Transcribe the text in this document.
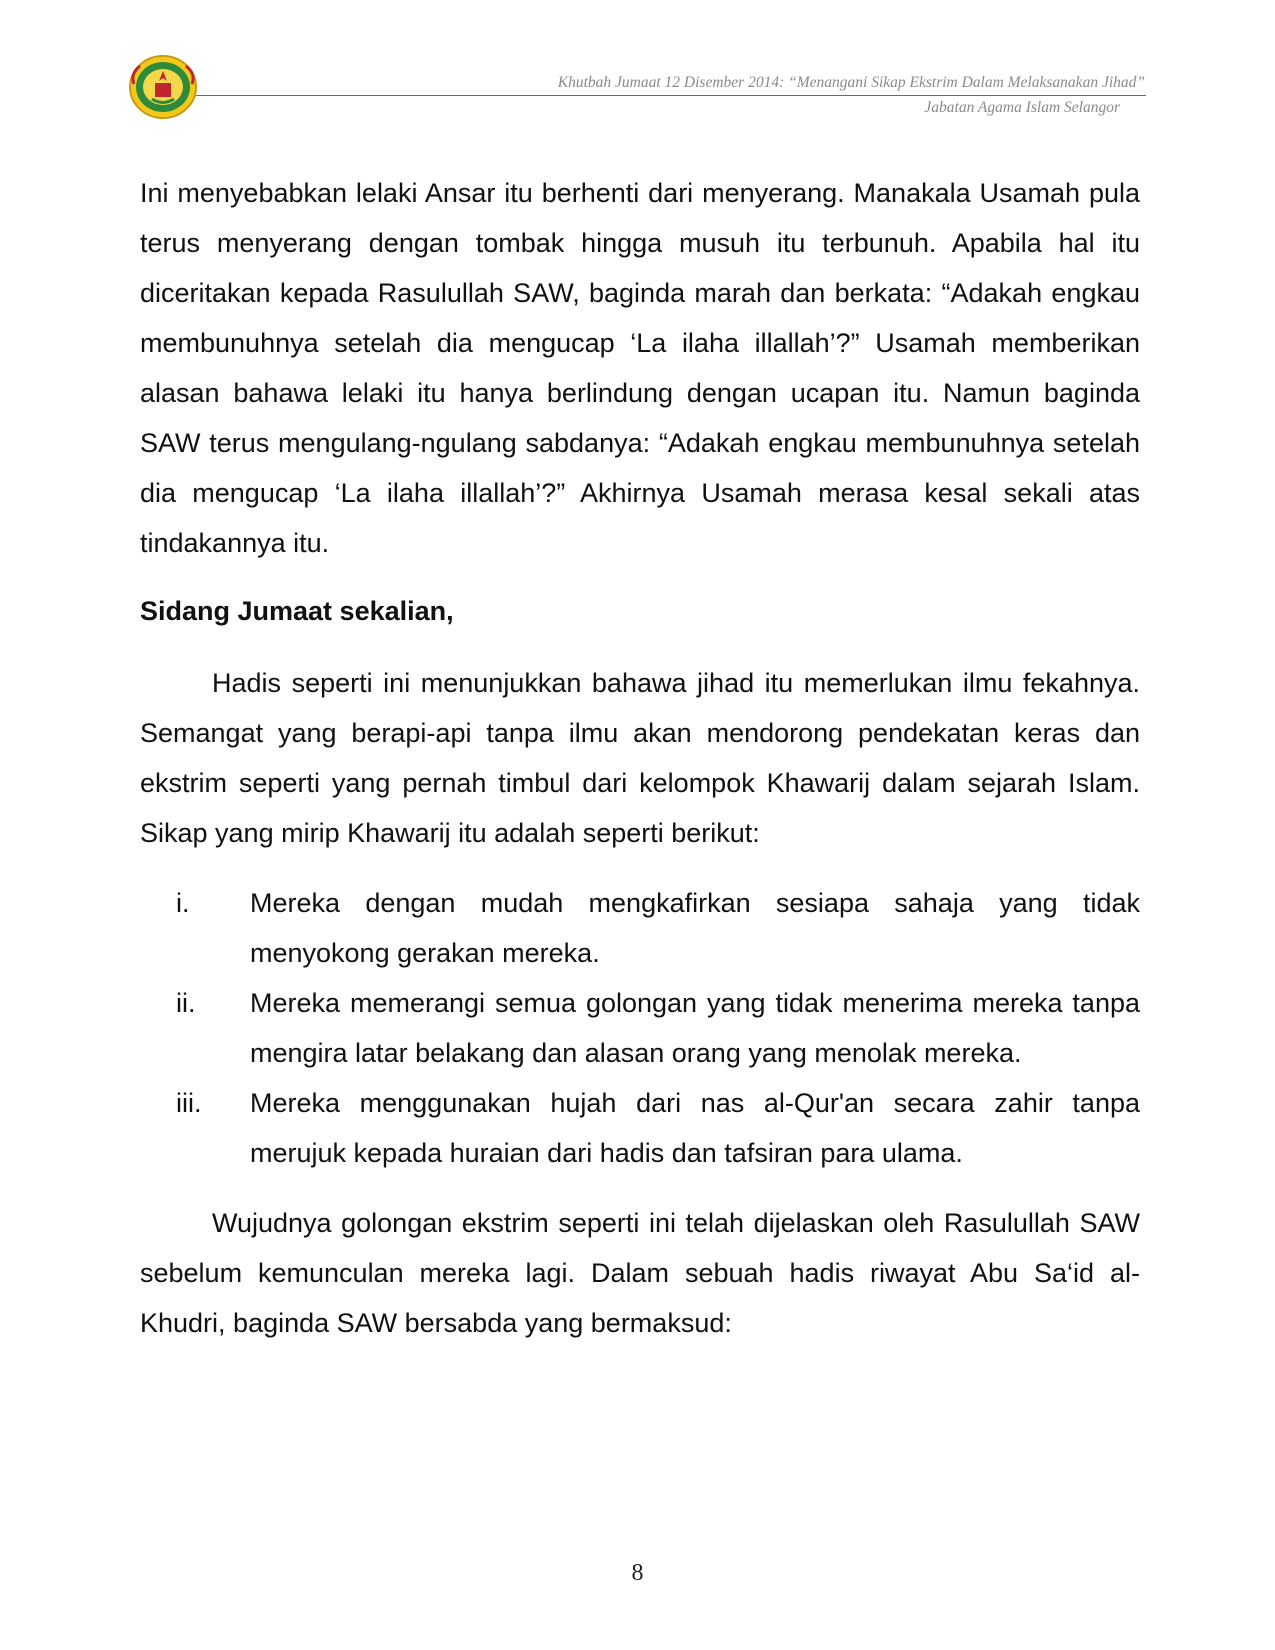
Khutbah Jumaat 12 Disember 2014: “Menangani Sikap Ekstrim Dalam Melaksanakan Jihad”
Jabatan Agama Islam Selangor

Ini menyebabkan lelaki Ansar itu berhenti dari menyerang. Manakala Usamah pula terus menyerang dengan tombak hingga musuh itu terbunuh. Apabila hal itu diceritakan kepada Rasulullah SAW, baginda marah dan berkata: “Adakah engkau membunuhnya setelah dia mengucap ‘La ilaha illallah’?” Usamah memberikan alasan bahawa lelaki itu hanya berlindung dengan ucapan itu. Namun baginda SAW terus mengulang-ngulang sabdanya: “Adakah engkau membunuhnya setelah dia mengucap ‘La ilaha illallah’?” Akhirnya Usamah merasa kesal sekali atas tindakannya itu.

Sidang Jumaat sekalian,

Hadis seperti ini menunjukkan bahawa jihad itu memerlukan ilmu fekahnya. Semangat yang berapi-api tanpa ilmu akan mendorong pendekatan keras dan ekstrim seperti yang pernah timbul dari kelompok Khawarij dalam sejarah Islam. Sikap yang mirip Khawarij itu adalah seperti berikut:

i.	Mereka dengan mudah mengkafirkan sesiapa sahaja yang tidak menyokong gerakan mereka.
ii.	Mereka memerangi semua golongan yang tidak menerima mereka tanpa mengira latar belakang dan alasan orang yang menolak mereka.
iii.	Mereka menggunakan hujah dari nas al-Qur'an secara zahir tanpa merujuk kepada huraian dari hadis dan tafsiran para ulama.

Wujudnya golongan ekstrim seperti ini telah dijelaskan oleh Rasulullah SAW sebelum kemunculan mereka lagi. Dalam sebuah hadis riwayat Abu Sa‘id al-Khudri, baginda SAW bersabda yang bermaksud:

8
